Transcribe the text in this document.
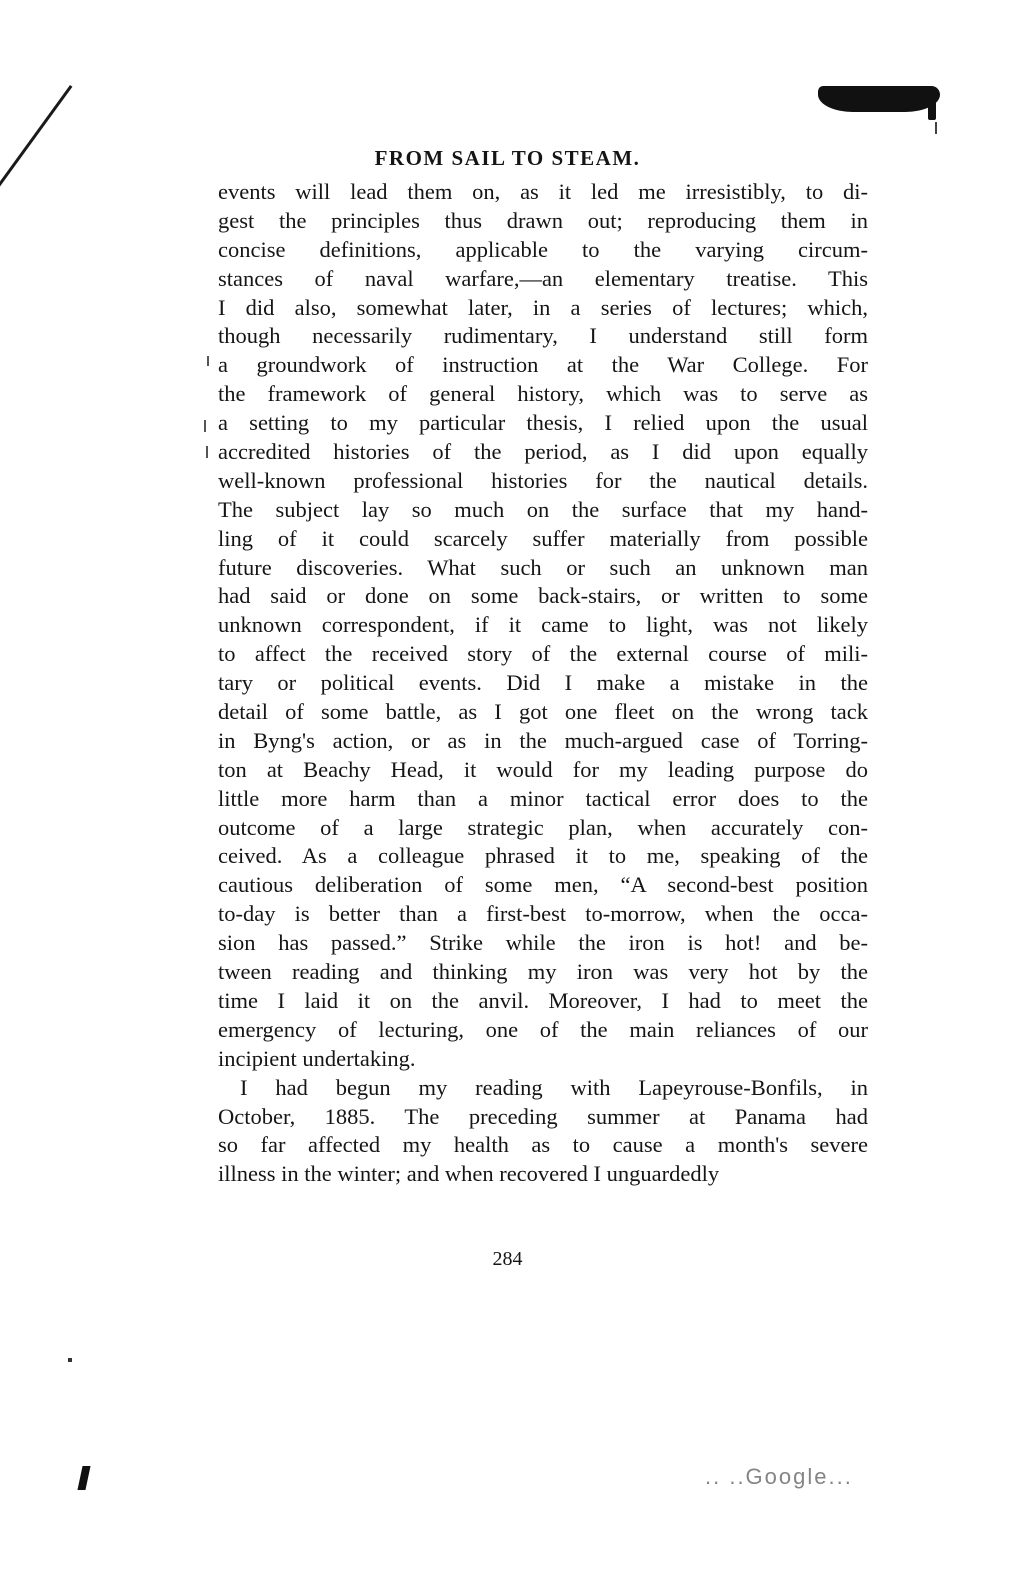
FROM SAIL TO STEAM.
events will lead them on, as it led me irresistibly, to di-
gest the principles thus drawn out; reproducing them in
concise definitions, applicable to the varying circum-
stances of naval warfare,—an elementary treatise. This
I did also, somewhat later, in a series of lectures; which,
though necessarily rudimentary, I understand still form
a groundwork of instruction at the War College. For
the framework of general history, which was to serve as
a setting to my particular thesis, I relied upon the usual
accredited histories of the period, as I did upon equally
well-known professional histories for the nautical details.
The subject lay so much on the surface that my hand-
ling of it could scarcely suffer materially from possible
future discoveries. What such or such an unknown man
had said or done on some back-stairs, or written to some
unknown correspondent, if it came to light, was not likely
to affect the received story of the external course of mili-
tary or political events. Did I make a mistake in the
detail of some battle, as I got one fleet on the wrong tack
in Byng's action, or as in the much-argued case of Torring-
ton at Beachy Head, it would for my leading purpose do
little more harm than a minor tactical error does to the
outcome of a large strategic plan, when accurately con-
ceived. As a colleague phrased it to me, speaking of the
cautious deliberation of some men, “A second-best position
to-day is better than a first-best to-morrow, when the occa-
sion has passed.” Strike while the iron is hot! and be-
tween reading and thinking my iron was very hot by the
time I laid it on the anvil. Moreover, I had to meet the
emergency of lecturing, one of the main reliances of our
incipient undertaking.
I had begun my reading with Lapeyrouse-Bonfils, in
October, 1885. The preceding summer at Panama had
so far affected my health as to cause a month's severe
illness in the winter; and when recovered I unguardedly
284
.. ..Google...
